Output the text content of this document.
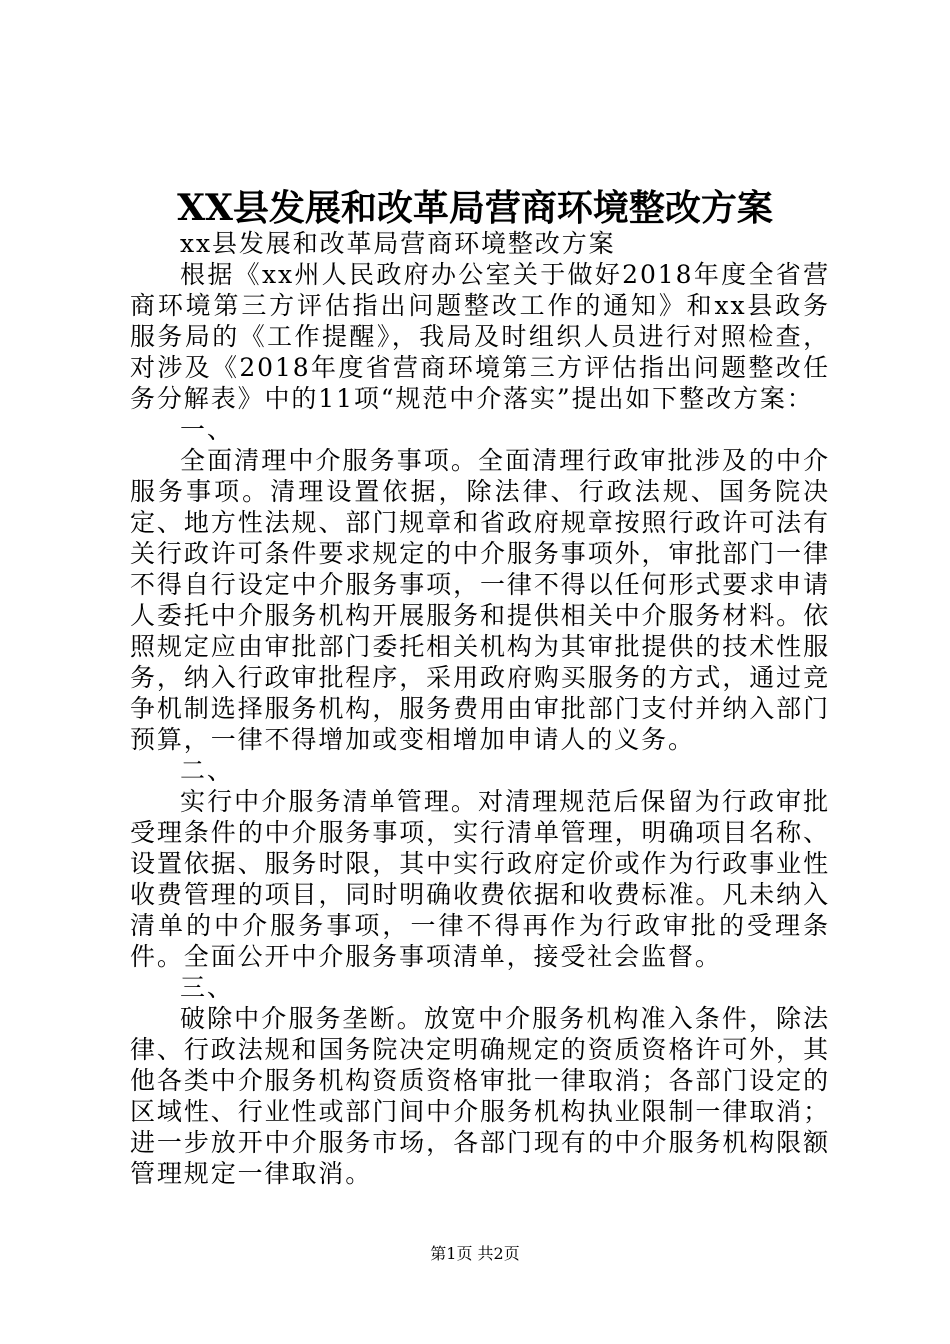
XX县发展和改革局营商环境整改方案

xx县发展和改革局营商环境整改方案

根据《xx州人民政府办公室关于做好2018年度全省营商环境第三方评估指出问题整改工作的通知》和xx县政务服务局的《工作提醒》，我局及时组织人员进行对照检查，对涉及《2018年度省营商环境第三方评估指出问题整改任务分解表》中的11项“规范中介落实”提出如下整改方案：

一、

全面清理中介服务事项。全面清理行政审批涉及的中介服务事项。清理设置依据，除法律、行政法规、国务院决定、地方性法规、部门规章和省政府规章按照行政许可法有关行政许可条件要求规定的中介服务事项外，审批部门一律不得自行设定中介服务事项，一律不得以任何形式要求申请人委托中介服务机构开展服务和提供相关中介服务材料。依照规定应由审批部门委托相关机构为其审批提供的技术性服务，纳入行政审批程序，采用政府购买服务的方式，通过竞争机制选择服务机构，服务费用由审批部门支付并纳入部门预算，一律不得增加或变相增加申请人的义务。

二、

实行中介服务清单管理。对清理规范后保留为行政审批受理条件的中介服务事项，实行清单管理，明确项目名称、设置依据、服务时限，其中实行政府定价或作为行政事业性收费管理的项目，同时明确收费依据和收费标准。凡未纳入清单的中介服务事项，一律不得再作为行政审批的受理条件。全面公开中介服务事项清单，接受社会监督。

三、

破除中介服务垄断。放宽中介服务机构准入条件，除法律、行政法规和国务院决定明确规定的资质资格许可外，其他各类中介服务机构资质资格审批一律取消；各部门设定的区域性、行业性或部门间中介服务机构执业限制一律取消；进一步放开中介服务市场，各部门现有的中介服务机构限额管理规定一律取消。

第1页 共2页
